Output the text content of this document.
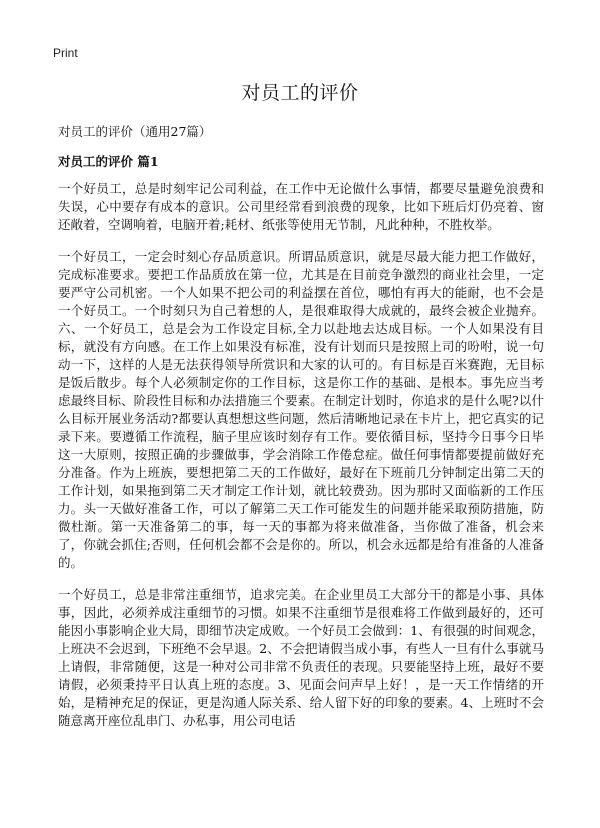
Print
对员工的评价

对员工的评价（通用27篇）

对员工的评价 篇1

一个好员工，总是时刻牢记公司利益，在工作中无论做什么事情，都要尽量避免浪费和失误，心中要存有成本的意识。公司里经常看到浪费的现象，比如下班后灯仍亮着、窗还敞着，空调响着，电脑开着;耗材、纸张等使用无节制，凡此种种，不胜枚举。

一个好员工，一定会时刻心存品质意识。所谓品质意识，就是尽最大能力把工作做好，完成标准要求。要把工作品质放在第一位，尤其是在目前竞争激烈的商业社会里，一定要严守公司机密。一个人如果不把公司的利益摆在首位，哪怕有再大的能耐，也不会是一个好员工。一个时刻只为自己着想的人，是很难取得大成就的，最终会被企业抛弃。六、一个好员工，总是会为工作设定目标,全力以赴地去达成目标。一个人如果没有目标，就没有方向感。在工作上如果没有标准，没有计划而只是按照上司的吩咐，说一句动一下，这样的人是无法获得领导所赏识和大家的认可的。有目标是百米赛跑，无目标是饭后散步。每个人必须制定你的工作目标，这是你工作的基础、是根本。事先应当考虑最终目标、阶段性目标和办法措施三个要素。在制定计划时，你追求的是什么呢?以什么目标开展业务活动?都要认真想想这些问题，然后清晰地记录在卡片上，把它真实的记录下来。要遵循工作流程，脑子里应该时刻存有工作。要依循目标，坚持今日事今日毕这一大原则，按照正确的步骤做事，学会消除工作倦怠症。做任何事情都要提前做好充分准备。作为上班族，要想把第二天的工作做好，最好在下班前几分钟制定出第二天的工作计划，如果拖到第二天才制定工作计划，就比较费劲。因为那时又面临新的工作压力。头一天做好准备工作，可以了解第二天工作可能发生的问题并能采取预防措施，防微杜渐。第一天准备第二的事，每一天的事都为将来做准备，当你做了准备，机会来了，你就会抓住;否则，任何机会都不会是你的。所以，机会永远都是给有准备的人准备的。

一个好员工，总是非常注重细节，追求完美。在企业里员工大部分干的都是小事、具体事，因此，必须养成注重细节的习惯。如果不注重细节是很难将工作做到最好的，还可能因小事影响企业大局，即细节决定成败。一个好员工会做到：1、有很强的时间观念，上班决不会迟到，下班绝不会早退。2、不会把请假当成小事，有些人一旦有什么事就马上请假，非常随便，这是一种对公司非常不负责任的表现。只要能坚持上班，最好不要请假，必须秉持平日认真上班的态度。3、见面会问声早上好！，是一天工作情绪的开始，是精神充足的保证，更是沟通人际关系、给人留下好的印象的要素。4、上班时不会随意离开座位乱串门、办私事，用公司电话
